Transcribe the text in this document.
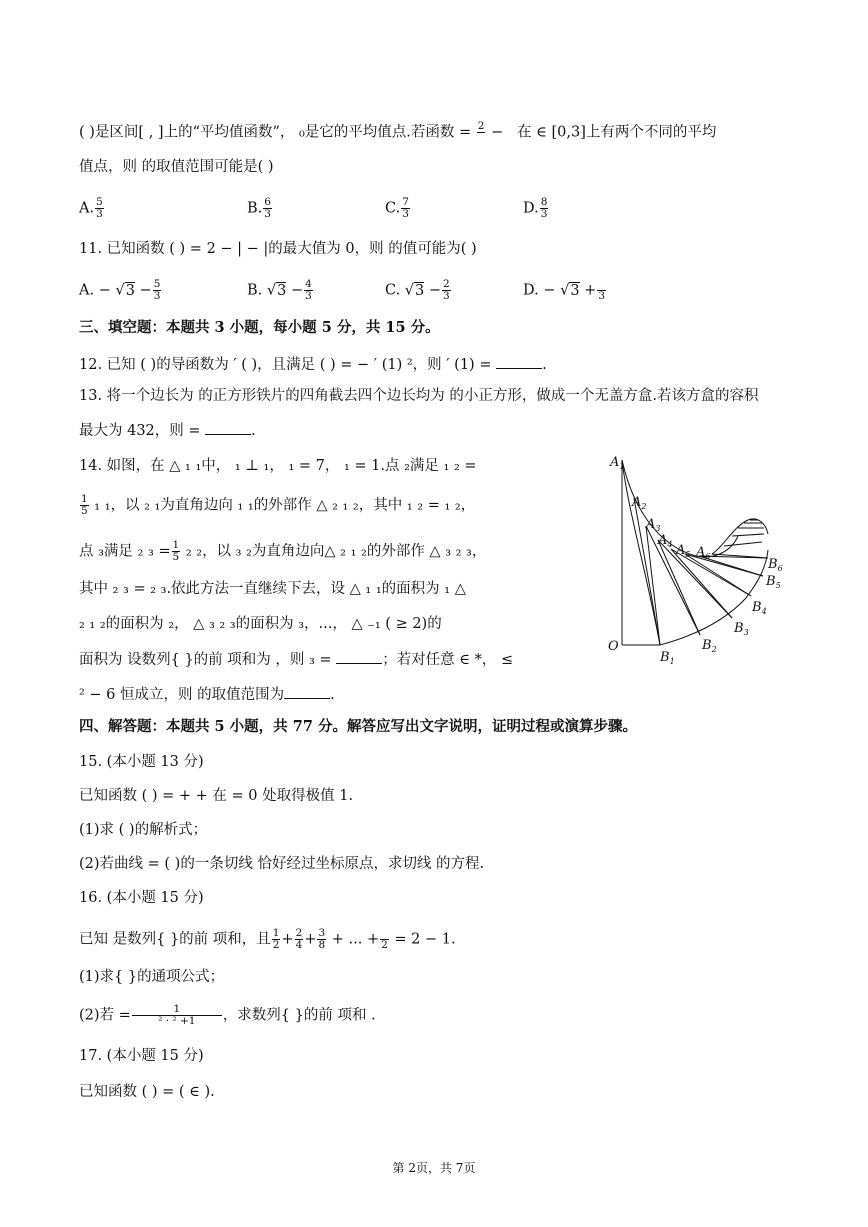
( )是区间[ , ]上的“平均值函数”， ₀是它的平均值点.若函数 = 2
− 在 ∈ [0,3]上有两个不同的平均
值点，则 的取值范围可能是( )
A. $\frac{5}{3}$	B. $\frac{6}{3}$	C. $\frac{7}{3}$	D. $\frac{8}{3}$
11. 已知函数 ( ) = 2 − | − |的最大值为 0，则 的值可能为( )
A. − $√3 - \frac{5}{3}$	B. $√3 - \frac{4}{3}$	C. $√3 - \frac{2}{3}$	D. − √3 +
3
三、填空题：本题共 3 小题，每小题 5 分，共 15 分。
12. 已知 ( )的导函数为 ′ ( )，且满足 ( ) = − ′ (1) ²，则 ′ (1) =	.
13. 将一个边长为 的正方形铁片的四角截去四个边长均为 的小正方形，做成一个无盖方盒.若该方盒的容积
最大为 432，则 =	.
14. 如图，在 △ ₁ ₁中， ₁ ⊥ ₁， ₁ = 7， ₁ = 1.点 ₂满足 ₁ ₂ =
$\frac{1}{5} _1$ ₁，以 ₂ ₁为直角边向 ₁ ₁的外部作 △ ₂ ₁ ₂，其中 ₁ ₂ = ₁ ₂，
点 ₃满足 ₂ $_3 = \frac{1}{5} _2$ ₂，以 ₃ ₂为直角边向△ ₂ ₁ ₂的外部作 △ ₃ ₂ ₃，
其中 ₂ ₃ = ₂ ₃.依此方法一直继续下去，设 △ ₁ ₁的面积为 ₁ △
₂ ₁ ₂的面积为 ₂， △ ₃ ₂ ₃的面积为 ₃，...， △ ₋₁ ( ≥ 2)的
面积为 设数列{ }的前 项和为 ，则 ₃ =	；若对任意 ∈ *， ≤
² − 6 恒成立，则 的取值范围为	.
$A_1$
$A_2$
$A_3$
$A_4$ $A_5$ $A_6$
O
$B_1$
$B_2$
$B_3$
$B_4$
$B_5$
$B_6$
四、解答题：本题共 5 小题，共 77 分。解答应写出文字说明，证明过程或演算步骤。
15. (本小题 13 分)
已知函数 ( ) = + + 在 = 0 处取得极值 1.
(1)求 ( )的解析式；
(2)若曲线 = ( )的一条切线 恰好经过坐标原点，求切线 的方程.
16. (本小题 15 分)
已知 是数列{ }的前 项和，且 $\frac{1}{2} + \frac{2}{4} + \frac{3}{8}$ + ... +
2 = 2 − 1.
(1)求{ }的通项公式；
(2)若 = $\frac{1}{\text{² · ² +1}}$ ，求数列{ }的前 项和 .
17. (本小题 15 分)
已知函数 ( ) = ( ∈ ).
第 2页，共 7页
